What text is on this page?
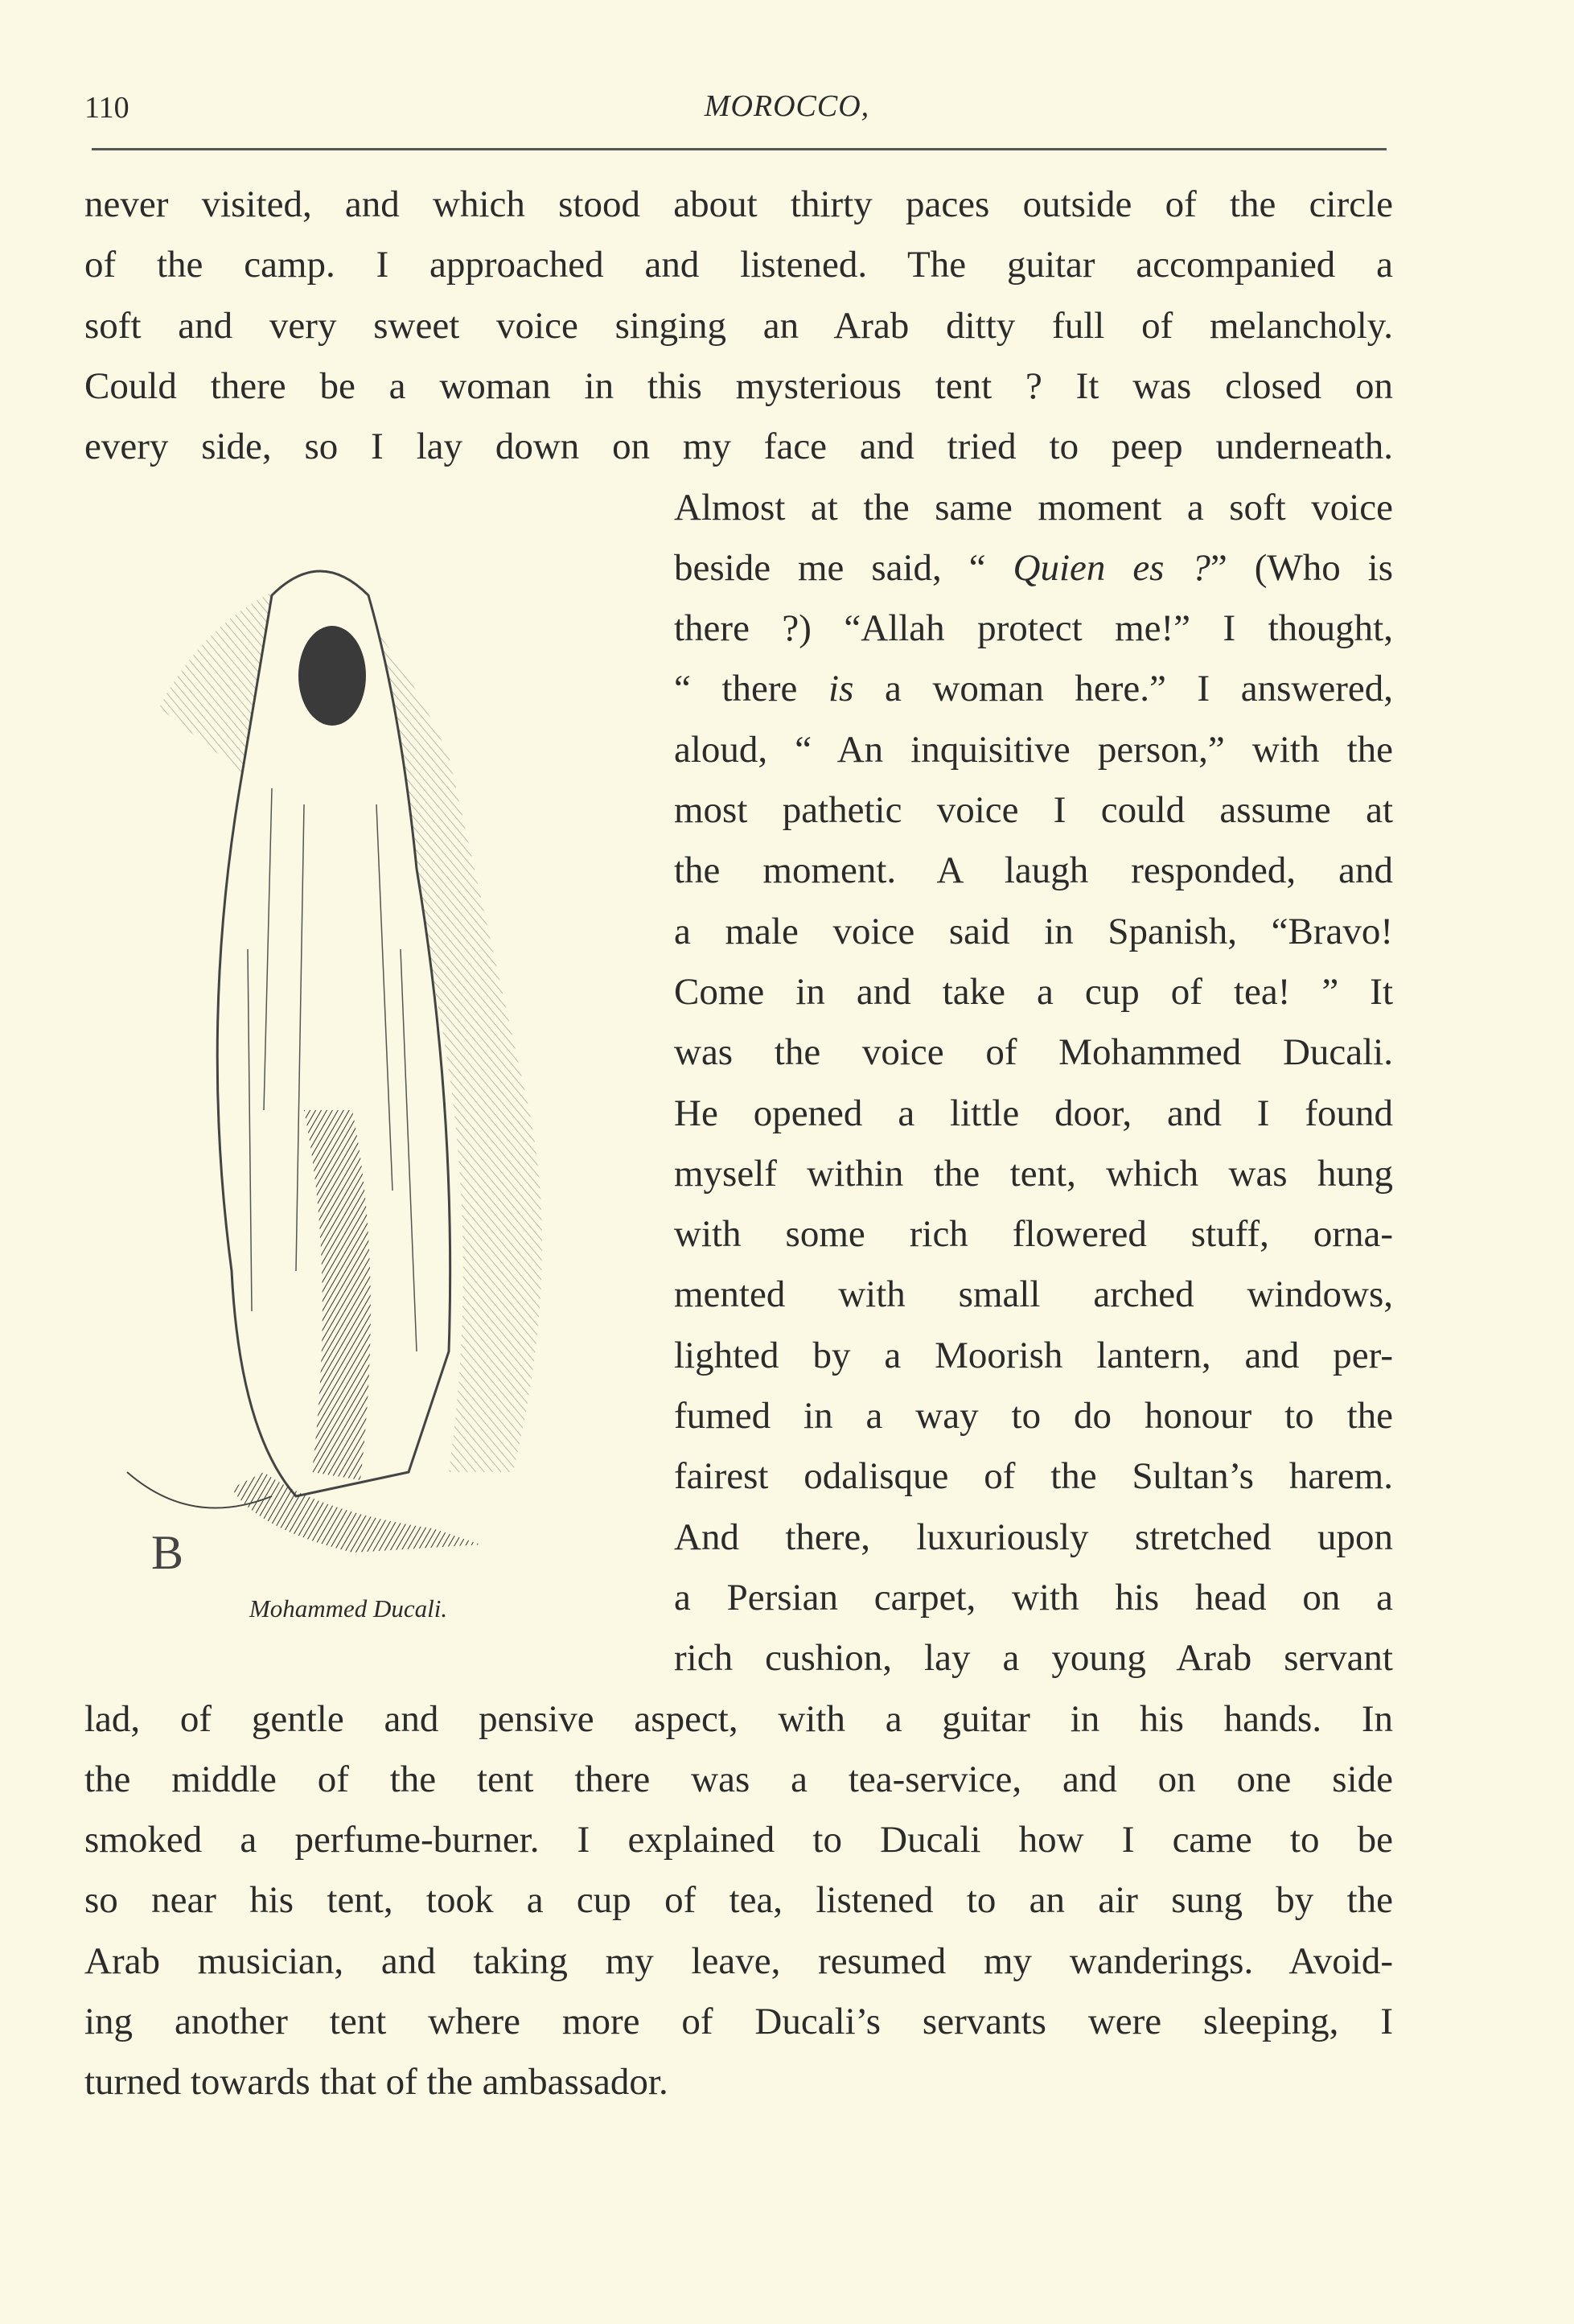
110	MOROCCO,
never visited, and which stood about thirty paces outside of the circle
of the camp. I approached and listened. The guitar accompanied a
soft and very sweet voice singing an Arab ditty full of melancholy.
Could there be a woman in this mysterious tent ? It was closed on
every side, so I lay down on my face and tried to peep underneath.
Almost at the same moment a soft voice
beside me said, “ Quien es ?” (Who is
there ?) “Allah protect me!” I thought,
“ there is a woman here.” I answered,
aloud, “ An inquisitive person,” with the
most pathetic voice I could assume at
the moment. A laugh responded, and
a male voice said in Spanish, “Bravo!
Come in and take a cup of tea! ” It
was the voice of Mohammed Ducali.
He opened a little door, and I found
myself within the tent, which was hung
with some rich flowered stuff, orna-
mented with small arched windows,
lighted by a Moorish lantern, and per-
fumed in a way to do honour to the
fairest odalisque of the Sultan’s harem.
And there, luxuriously stretched upon
a Persian carpet, with his head on a
rich cushion, lay a young Arab servant
lad, of gentle and pensive aspect, with a guitar in his hands. In
the middle of the tent there was a tea-service, and on one side
smoked a perfume-burner. I explained to Ducali how I came to be
so near his tent, took a cup of tea, listened to an air sung by the
Arab musician, and taking my leave, resumed my wanderings. Avoid-
ing another tent where more of Ducali’s servants were sleeping, I
turned towards that of the ambassador.
B
Mohammed Ducali.
